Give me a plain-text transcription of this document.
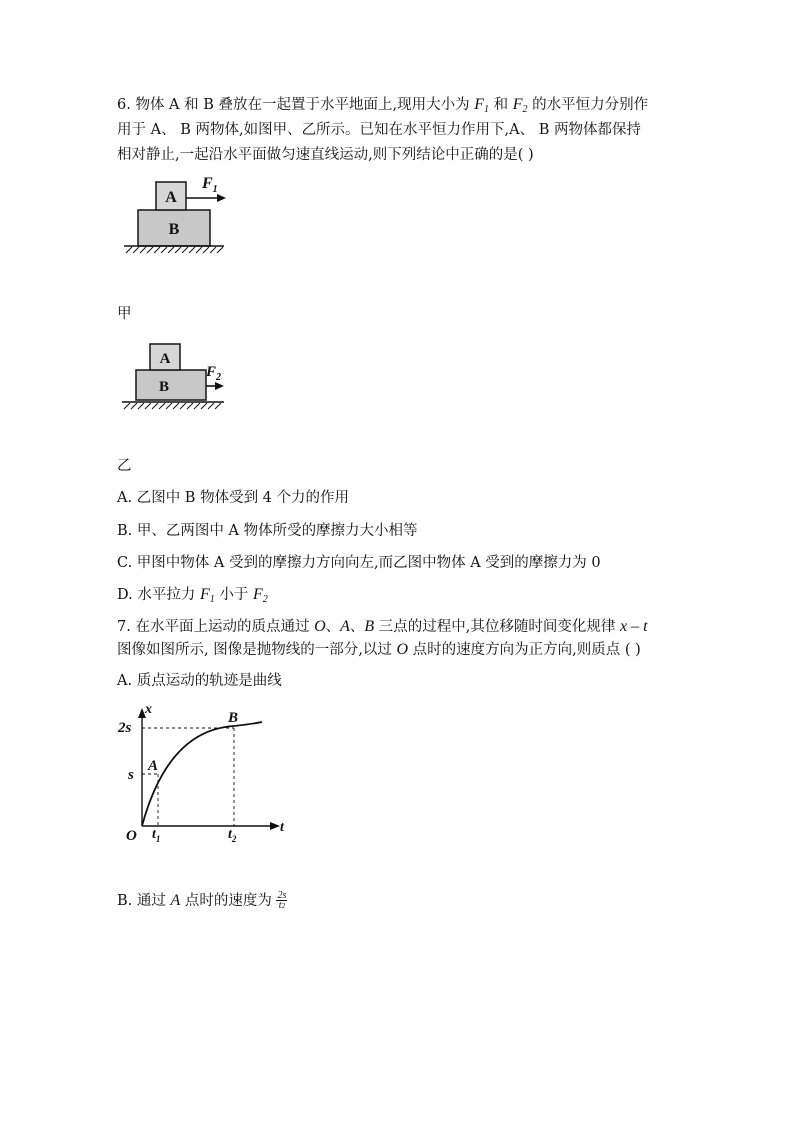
6. 物体 A 和 B 叠放在一起置于水平地面上,现用大小为 $F_1$ 和 $F_2$ 的水平恒力分别作
用于 A、 B 两物体,如图甲、乙所示。已知在水平恒力作用下,A、 B 两物体都保持
相对静止,一起沿水平面做匀速直线运动,则下列结论中正确的是( )
A
B
$F_1$
甲
A
B
$F_2$
乙
A. 乙图中 B 物体受到 4 个力的作用
B. 甲、乙两图中 A 物体所受的摩擦力大小相等
C. 甲图中物体 A 受到的摩擦力方向向左,而乙图中物体 A 受到的摩擦力为 0
D. 水平拉力 $F_1$ 小于 $F_2$
7. 在水平面上运动的质点通过 O、A、B 三点的过程中,其位移随时间变化规律 x – t
图像如图所示, 图像是抛物线的一部分,以过 O 点时的速度方向为正方向,则质点 ( )
A. 质点运动的轨迹是曲线
x
t
O
2s
s
$t_1$	$t_2$
A
B
B. 通过 A 点时的速度为 $\frac{2s}{t2}$
